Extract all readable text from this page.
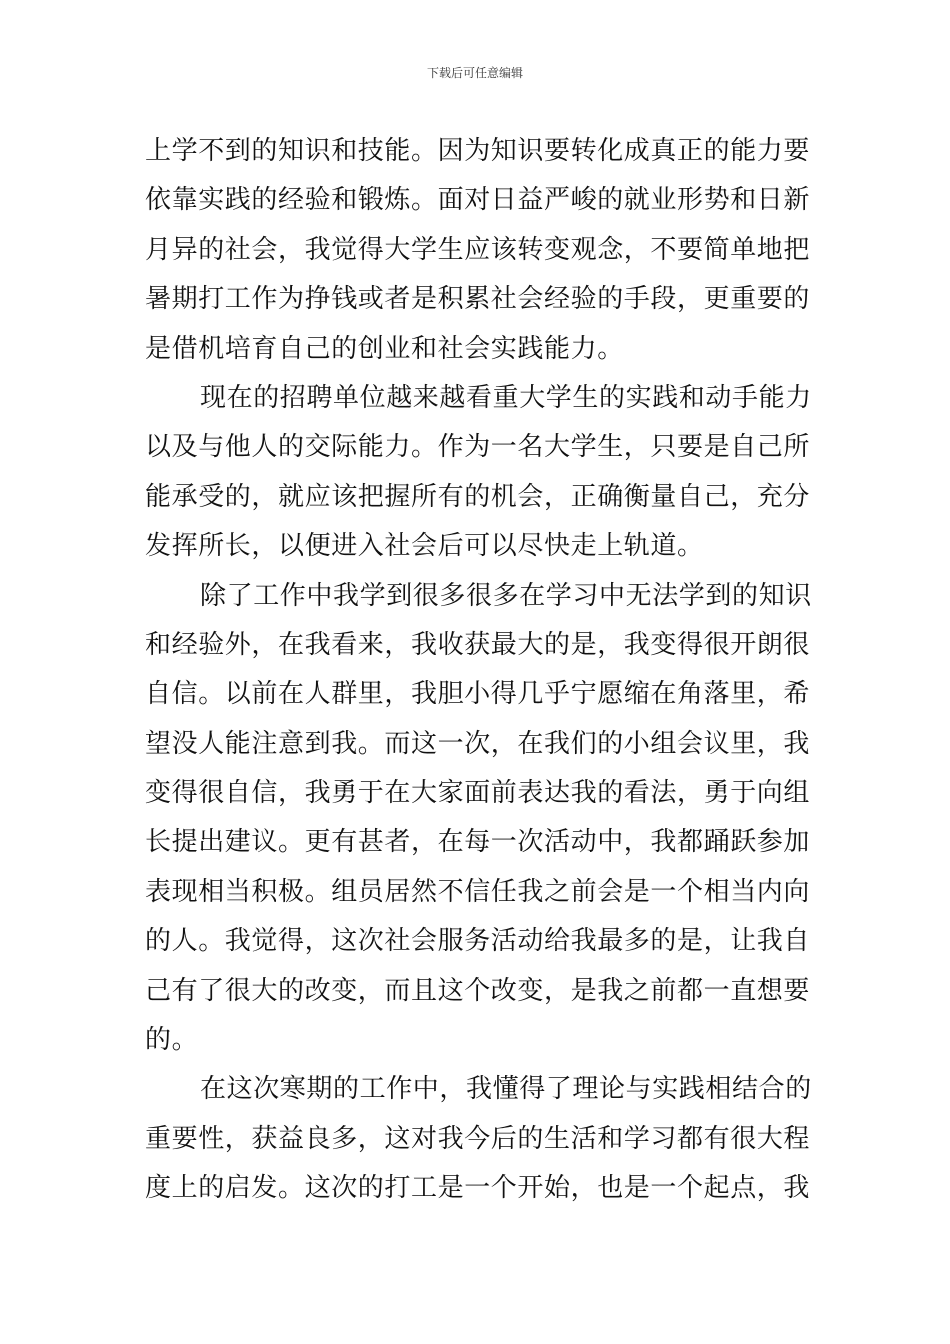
下载后可任意编辑
上学不到的知识和技能。因为知识要转化成真正的能力要
依靠实践的经验和锻炼。面对日益严峻的就业形势和日新
月异的社会，我觉得大学生应该转变观念，不要简单地把
暑期打工作为挣钱或者是积累社会经验的手段，更重要的
是借机培育自己的创业和社会实践能力。
现在的招聘单位越来越看重大学生的实践和动手能力
以及与他人的交际能力。作为一名大学生，只要是自己所
能承受的，就应该把握所有的机会，正确衡量自己，充分
发挥所长，以便进入社会后可以尽快走上轨道。
除了工作中我学到很多很多在学习中无法学到的知识
和经验外，在我看来，我收获最大的是，我变得很开朗很
自信。以前在人群里，我胆小得几乎宁愿缩在角落里，希
望没人能注意到我。而这一次，在我们的小组会议里，我
变得很自信，我勇于在大家面前表达我的看法，勇于向组
长提出建议。更有甚者，在每一次活动中，我都踊跃参加
表现相当积极。组员居然不信任我之前会是一个相当内向
的人。我觉得，这次社会服务活动给我最多的是，让我自
己有了很大的改变，而且这个改变，是我之前都一直想要
的。
在这次寒期的工作中，我懂得了理论与实践相结合的
重要性，获益良多，这对我今后的生活和学习都有很大程
度上的启发。这次的打工是一个开始，也是一个起点，我
